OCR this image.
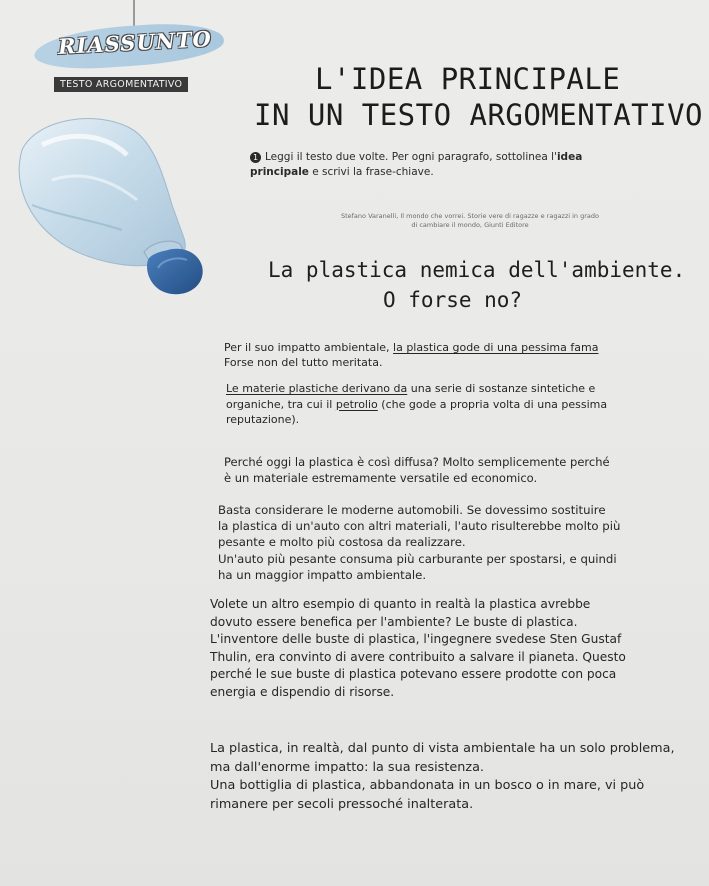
RIASSUNTO
TESTO ARGOMENTATIVO	L'IDEA PRINCIPALE
IN UN TESTO ARGOMENTATIVO
1 Leggi il testo due volte. Per ogni paragrafo, sottolinea l'idea
principale e scrivi la frase-chiave.
Stefano Varanelli, Il mondo che vorrei. Storie vere di ragazze e ragazzi in grado
di cambiare il mondo, Giunti Editore
La plastica nemica dell'ambiente.
O forse no?
Per il suo impatto ambientale, la plastica gode di una pessima fama
Forse non del tutto meritata.
Le materie plastiche derivano da una serie di sostanze sintetiche e
organiche, tra cui il petrolio (che gode a propria volta di una pessima
reputazione).
Perché oggi la plastica è così diffusa? Molto semplicemente perché
è un materiale estremamente versatile ed economico.
Basta considerare le moderne automobili. Se dovessimo sostituire
la plastica di un'auto con altri materiali, l'auto risulterebbe molto più
pesante e molto più costosa da realizzare.
Un'auto più pesante consuma più carburante per spostarsi, e quindi
ha un maggior impatto ambientale.
Volete un altro esempio di quanto in realtà la plastica avrebbe
dovuto essere benefica per l'ambiente? Le buste di plastica.
L'inventore delle buste di plastica, l'ingegnere svedese Sten Gustaf
Thulin, era convinto di avere contribuito a salvare il pianeta. Questo
perché le sue buste di plastica potevano essere prodotte con poca
energia e dispendio di risorse.
La plastica, in realtà, dal punto di vista ambientale ha un solo problema,
ma dall'enorme impatto: la sua resistenza.
Una bottiglia di plastica, abbandonata in un bosco o in mare, vi può
rimanere per secoli pressoché inalterata.
